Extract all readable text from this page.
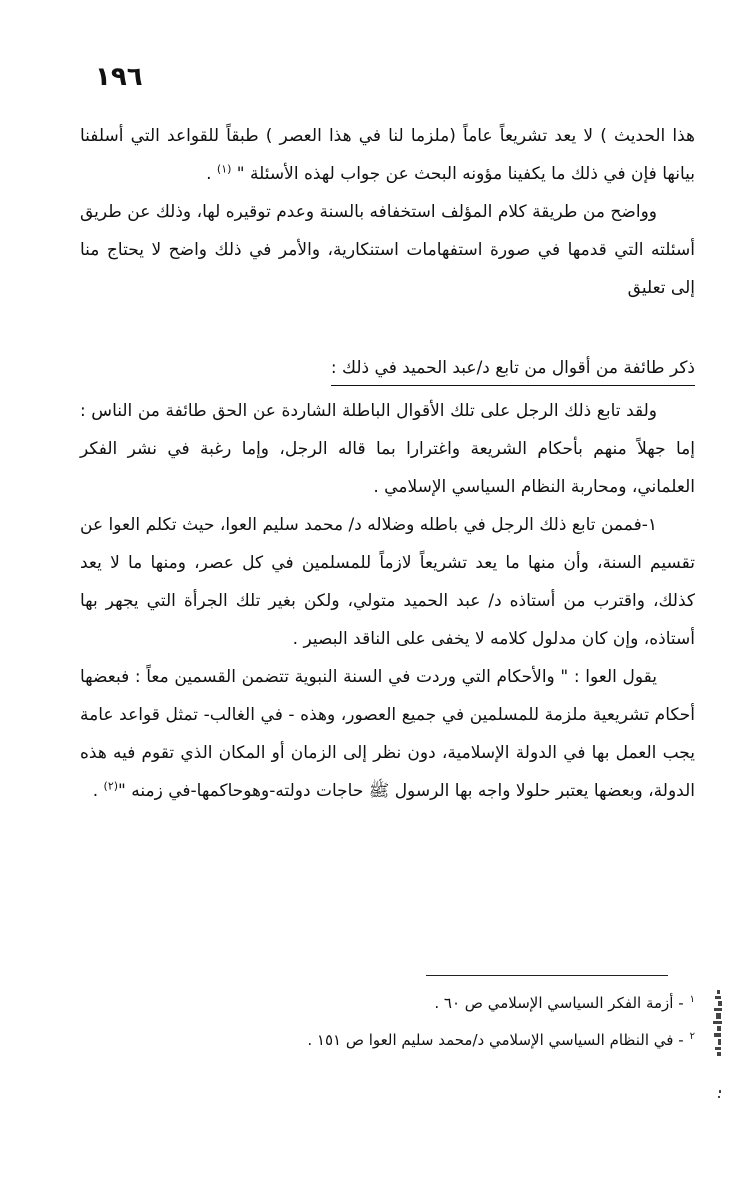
١٩٦

هذا الحديث ) لا يعد تشريعاً عاماً (ملزما لنا في هذا العصر ) طبقاً للقواعد التي أسلفنا بيانها فإن في ذلك ما يكفينا مؤونه البحث عن جواب لهذه الأسئلة " $^{(١)}$ .

وواضح من طريقة كلام المؤلف استخفافه بالسنة وعدم توقيره لها، وذلك عن طريق أسئلته التي قدمها في صورة استفهامات استنكارية، والأمر في ذلك واضح لا يحتاج منا إلى تعليق

ذكر طائفة من أقوال من تابع د/عبد الحميد في ذلك :

ولقد تابع ذلك الرجل على تلك الأقوال الباطلة الشاردة عن الحق طائفة من الناس : إما جهلاً منهم بأحكام الشريعة واغترارا بما قاله الرجل، وإما رغبة في نشر الفكر العلماني، ومحاربة النظام السياسي الإسلامي .

١-فممن تابع ذلك الرجل في باطله وضلاله د/ محمد سليم العوا، حيث تكلم العوا عن تقسيم السنة، وأن منها ما يعد تشريعاً لازماً للمسلمين في كل عصر، ومنها ما لا يعد كذلك، واقترب من أستاذه د/ عبد الحميد متولي، ولكن بغير تلك الجرأة التي يجهر بها أستاذه، وإن كان مدلول كلامه لا يخفى على الناقد البصير .

يقول العوا : " والأحكام التي وردت في السنة النبوية تتضمن القسمين معاً : فبعضها أحكام تشريعية ملزمة للمسلمين في جميع العصور، وهذه - في الغالب- تمثل قواعد عامة يجب العمل بها في الدولة الإسلامية، دون نظر إلى الزمان أو المكان الذي تقوم فيه هذه الدولة، وبعضها يعتبر حلولا واجه بها الرسول ﷺ حاجات دولته-وهوحاكمها-في زمنه "$^{(٢)}$ .

$^١$- أزمة الفكر السياسي الإسلامي ص ٦٠ .
$^٢$- في النظام السياسي الإسلامي د/محمد سليم العوا ص ١٥١ .
